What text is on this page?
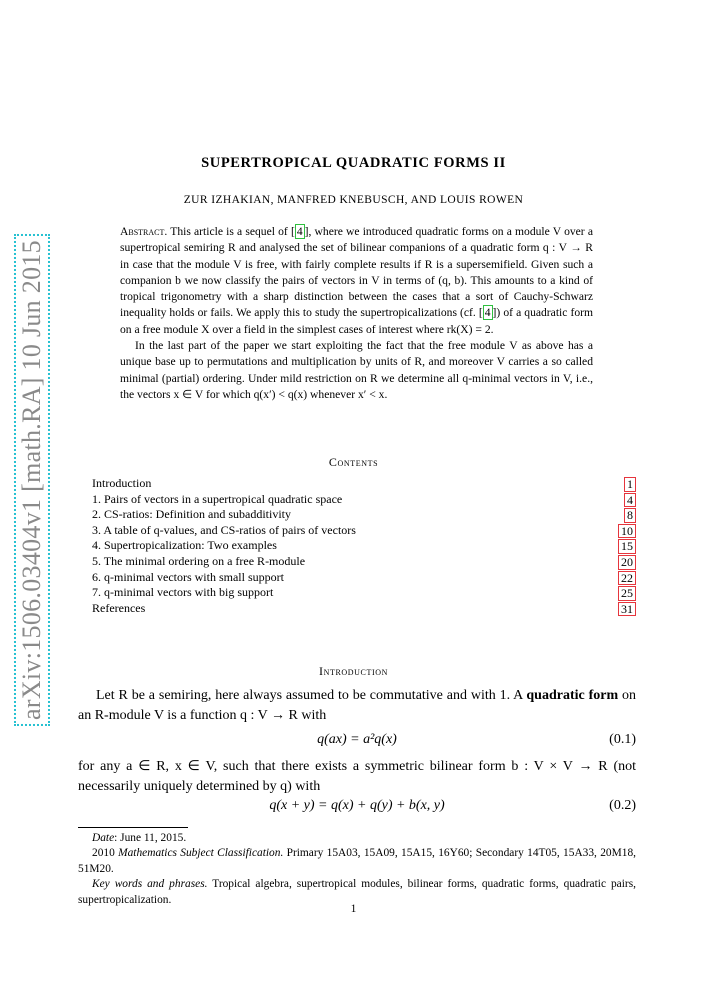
arXiv:1506.03404v1 [math.RA] 10 Jun 2015
SUPERTROPICAL QUADRATIC FORMS II
ZUR IZHAKIAN, MANFRED KNEBUSCH, AND LOUIS ROWEN

Abstract. This article is a sequel of [ 4 ], where we introduced quadratic forms on a module V over a supertropical semiring R and analysed the set of bilinear companions of a quadratic form q : V → R in case that the module V is free, with fairly complete results if R is a supersemifield. Given such a companion b we now classify the pairs of vectors in V in terms of (q, b). This amounts to a kind of tropical trigonometry with a sharp distinction between the cases that a sort of Cauchy-Schwarz inequality holds or fails. We apply this to study the supertropicalizations (cf. [ 4 ]) of a quadratic form on a free module X over a field in the simplest cases of interest where rk(X) = 2.

In the last part of the paper we start exploiting the fact that the free module V as above has a unique base up to permutations and multiplication by units of R, and moreover V carries a so called minimal (partial) ordering. Under mild restriction on R we determine all q-minimal vectors in V, i.e., the vectors x ∈ V for which q(x′) < q(x) whenever x′ < x.

Contents
Introduction	1
1. Pairs of vectors in a supertropical quadratic space	4
2. CS-ratios: Definition and subadditivity	8
3. A table of q-values, and CS-ratios of pairs of vectors	10
4. Supertropicalization: Two examples	15
5. The minimal ordering on a free R-module	20
6. q-minimal vectors with small support	22
7. q-minimal vectors with big support	25
References	31
Introduction
Let R be a semiring, here always assumed to be commutative and with 1. A quadratic form on an R-module V is a function q : V → R with
q(ax) = a²q(x)	(0.1)
for any a ∈ R, x ∈ V, such that there exists a symmetric bilinear form b : V × V → R (not necessarily uniquely determined by q) with
q(x + y) = q(x) + q(y) + b(x, y)	(0.2)

Date: June 11, 2015.

2010 Mathematics Subject Classification. Primary 15A03, 15A09, 15A15, 16Y60; Secondary 14T05, 15A33, 20M18, 51M20.

Key words and phrases. Tropical algebra, supertropical modules, bilinear forms, quadratic forms, quadratic pairs, supertropicalization.

1
